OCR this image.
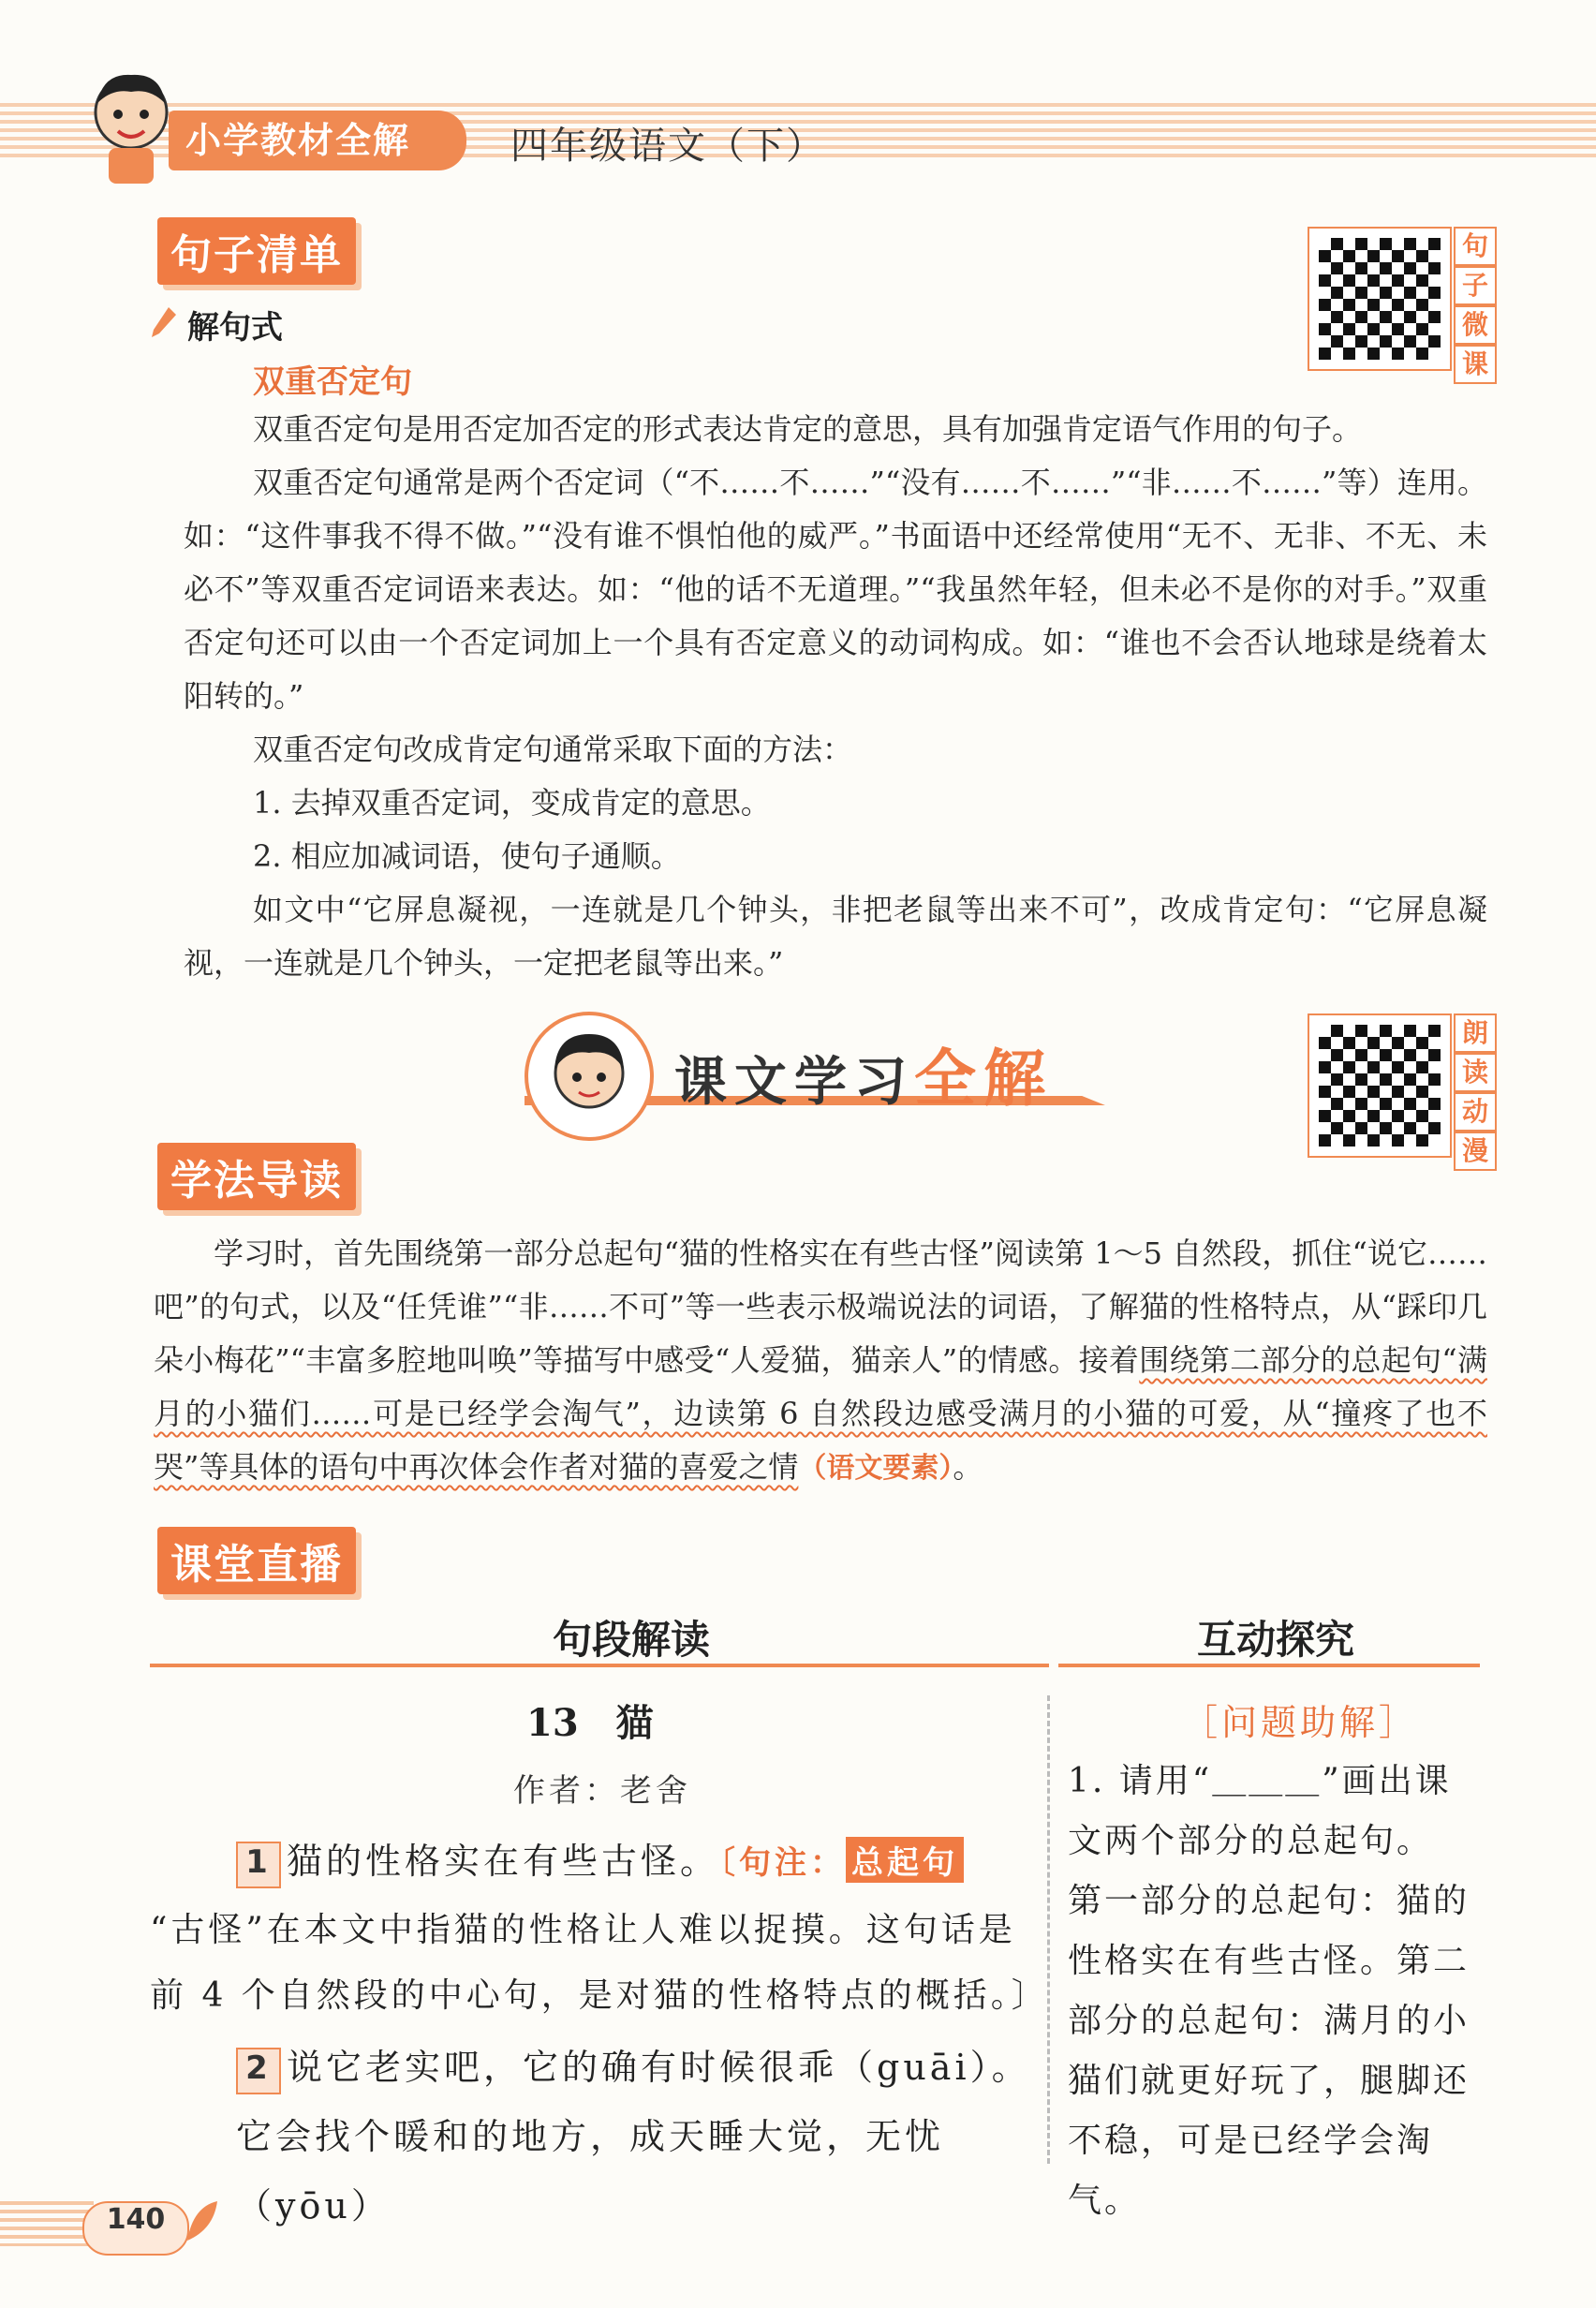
小学教材全解	四年级语文（下）
句子清单	句
子
微
课
解句式
双重否定句
双重否定句是用否定加否定的形式表达肯定的意思，具有加强肯定语气作用的句子。
双重否定句通常是两个否定词（“不……不……”“没有……不……”“非……不……”等）连用。如：“这件事我不得不做。”“没有谁不惧怕他的威严。”书面语中还经常使用“无不、无非、不无、未必不”等双重否定词语来表达。如：“他的话不无道理。”“我虽然年轻，但未必不是你的对手。”双重否定句还可以由一个否定词加上一个具有否定意义的动词构成。如：“谁也不会否认地球是绕着太阳转的。”
双重否定句改成肯定句通常采取下面的方法：
1. 去掉双重否定词，变成肯定的意思。
2. 相应加减词语，使句子通顺。
如文中“它屏息凝视，一连就是几个钟头，非把老鼠等出来不可”，改成肯定句：“它屏息凝视，一连就是几个钟头，一定把老鼠等出来。”
课文学习全解
朗
读
动
漫
学法导读
学习时，首先围绕第一部分总起句“猫的性格实在有些古怪”阅读第 1～5 自然段，抓住“说它……吧”的句式，以及“任凭谁”“非……不可”等一些表示极端说法的词语，了解猫的性格特点，从“踩印几朵小梅花”“丰富多腔地叫唤”等描写中感受“人爱猫，猫亲人”的情感。接着围绕第二部分的总起句“满月的小猫们……可是已经学会淘气”，边读第 6 自然段边感受满月的小猫的可爱，从“撞疼了也不哭”等具体的语句中再次体会作者对猫的喜爱之情（语文要素）。
课堂直播
句段解读	互动探究
13　猫
作者：老舍
1 猫的性格实在有些古怪。〔句注： 总起句
“古怪”在本文中指猫的性格让人难以捉摸。这句话是前 4 个自然段的中心句，是对猫的性格特点的概括。〕
2 说它老实吧，它的确有时候很乖（guāi）。它会找个暖和的地方，成天睡大觉，无忧（yōu）
［问题助解］
1. 请用“＿＿＿”画出课文两个部分的总起句。
第一部分的总起句：猫的性格实在有些古怪。第二部分的总起句：满月的小猫们就更好玩了，腿脚还不稳，可是已经学会淘气。
140
